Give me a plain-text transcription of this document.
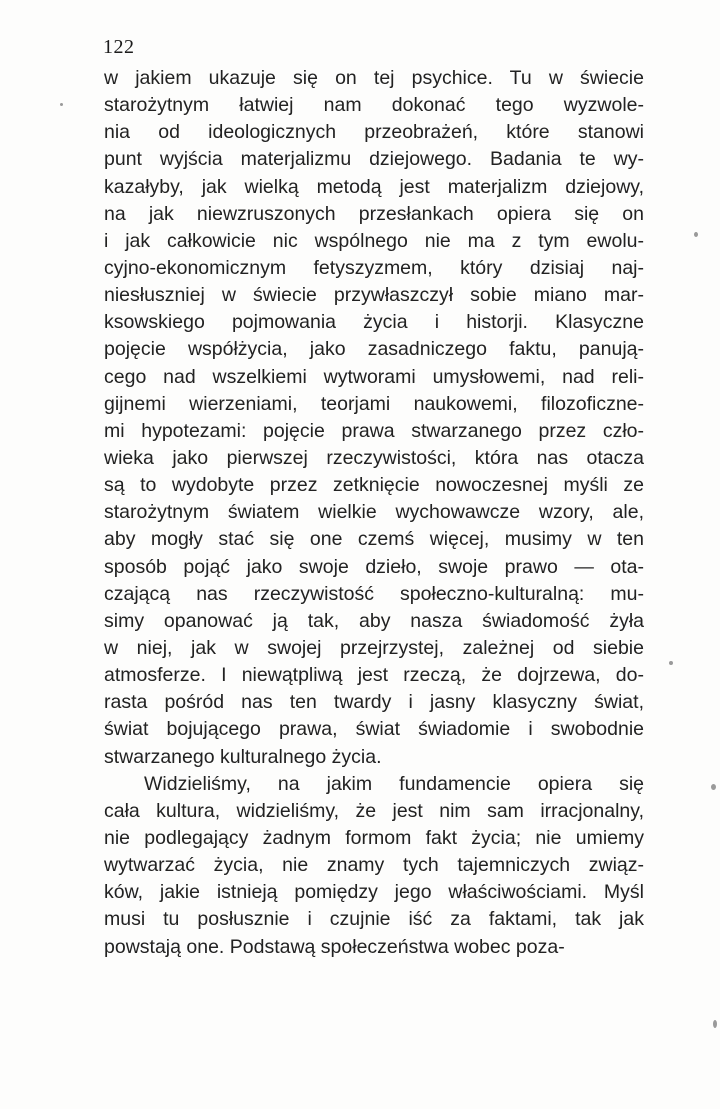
122
w jakiem ukazuje się on tej psychice. Tu w świecie
starożytnym łatwiej nam dokonać tego wyzwole-
nia od ideologicznych przeobrażeń, które stanowi
punt wyjścia materjalizmu dziejowego. Badania te wy-
kazałyby, jak wielką metodą jest materjalizm dziejowy,
na jak niewzruszonych przesłankach opiera się on
i jak całkowicie nic wspólnego nie ma z tym ewolu-
cyjno-ekonomicznym fetyszyzmem, który dzisiaj naj-
niesłuszniej w świecie przywłaszczył sobie miano mar-
ksowskiego pojmowania życia i historji. Klasyczne
pojęcie współżycia, jako zasadniczego faktu, panują-
cego nad wszelkiemi wytworami umysłowemi, nad reli-
gijnemi wierzeniami, teorjami naukowemi, filozoficzne-
mi hypotezami: pojęcie prawa stwarzanego przez czło-
wieka jako pierwszej rzeczywistości, która nas otacza
są to wydobyte przez zetknięcie nowoczesnej myśli ze
starożytnym światem wielkie wychowawcze wzory, ale,
aby mogły stać się one czemś więcej, musimy w ten
sposób pojąć jako swoje dzieło, swoje prawo — ota-
czającą nas rzeczywistość społeczno-kulturalną: mu-
simy opanować ją tak, aby nasza świadomość żyła
w niej, jak w swojej przejrzystej, zależnej od siebie
atmosferze. I niewątpliwą jest rzeczą, że dojrzewa, do-
rasta pośród nas ten twardy i jasny klasyczny świat,
świat bojującego prawa, świat świadomie i swobodnie
stwarzanego kulturalnego życia.
Widzieliśmy, na jakim fundamencie opiera się
cała kultura, widzieliśmy, że jest nim sam irracjonalny,
nie podlegający żadnym formom fakt życia; nie umiemy
wytwarzać życia, nie znamy tych tajemniczych związ-
ków, jakie istnieją pomiędzy jego właściwościami. Myśl
musi tu posłusznie i czujnie iść za faktami, tak jak
powstają one. Podstawą społeczeństwa wobec poza-
